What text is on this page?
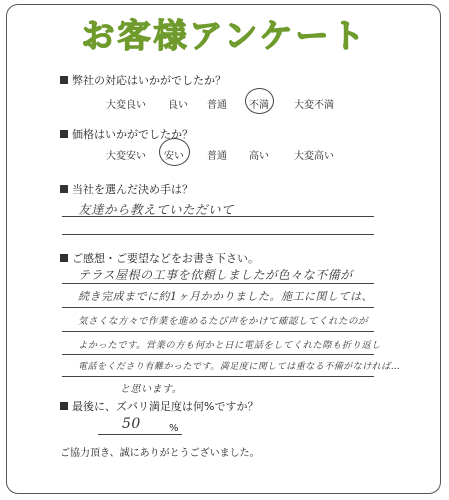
お客様アンケート
弊社の対応はいかがでしたか？
大変良い 良い 普通 不満	大変不満
価格はいかがでしたか？
大変安い 安い 普通 高い	大変高い
当社を選んだ決め手は？
友達から教えていただいて
ご感想・ご要望などをお書き下さい。
テラス屋根の工事を依頼しましたが色々な不備が
続き完成までに約1ヶ月かかりました。施工に関しては、
気さくな方々で作業を進めるたび声をかけて確認してくれたのが
よかったです。営業の方も何かと日に電話をしてくれた際も折り返し
電話をくださり有難かったです。満足度に関しては重なる不備がなければ…
と思います。
最後に、ズバリ満足度は何%ですか？
50	%
ご協力頂き、誠にありがとうございました。
